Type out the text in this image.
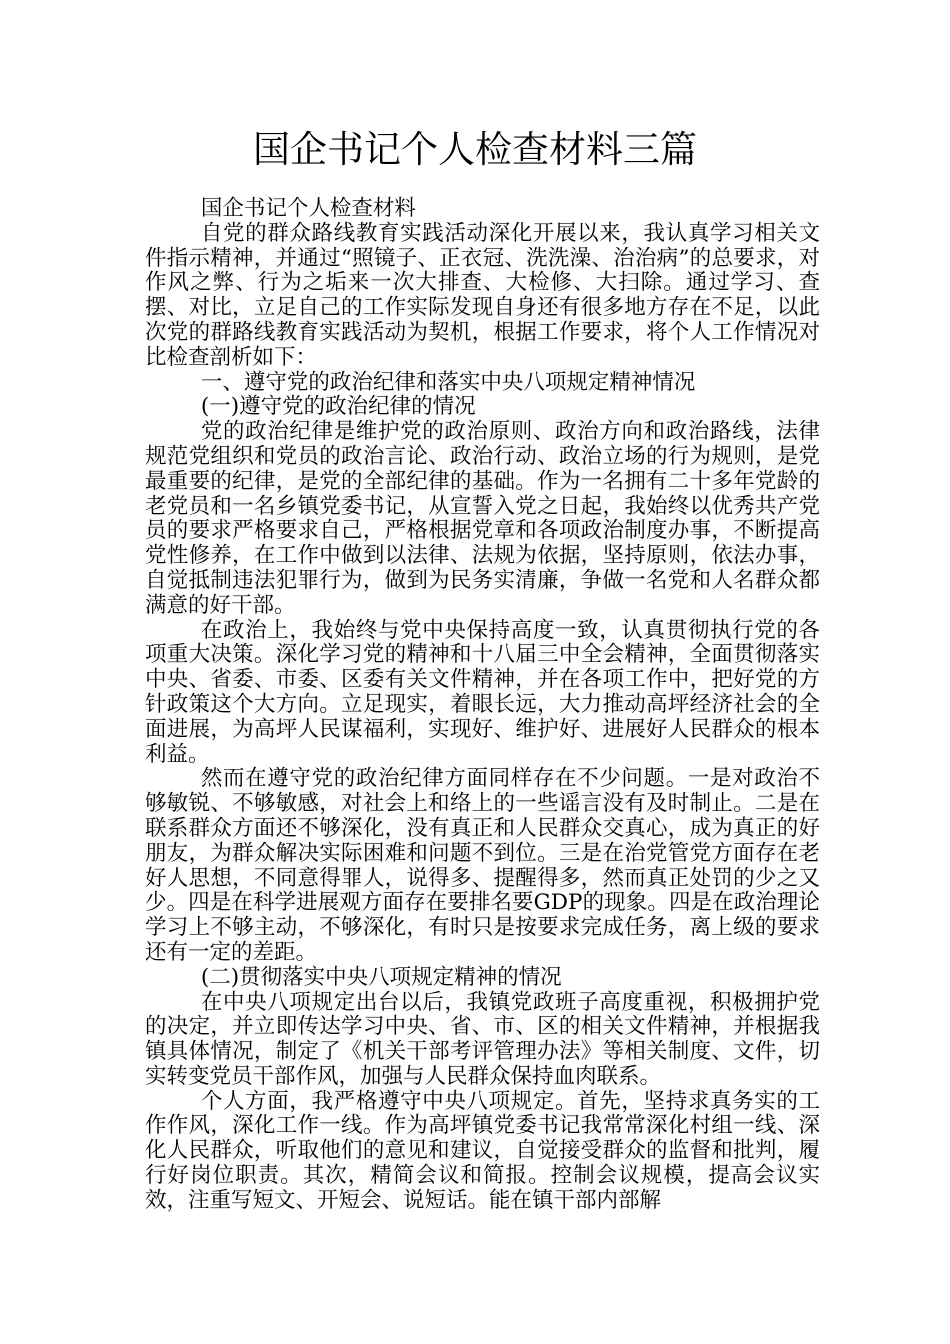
国企书记个人检查材料三篇

国企书记个人检查材料

自党的群众路线教育实践活动深化开展以来，我认真学习相关文件指示精神，并通过“照镜子、正衣冠、洗洗澡、治治病”的总要求，对作风之弊、行为之垢来一次大排查、大检修、大扫除。通过学习、查摆、对比，立足自己的工作实际发现自身还有很多地方存在不足，以此次党的群路线教育实践活动为契机，根据工作要求，将个人工作情况对比检查剖析如下：

一、遵守党的政治纪律和落实中央八项规定精神情况

(一)遵守党的政治纪律的情况

党的政治纪律是维护党的政治原则、政治方向和政治路线，法律规范党组织和党员的政治言论、政治行动、政治立场的行为规则，是党最重要的纪律，是党的全部纪律的基础。作为一名拥有二十多年党龄的老党员和一名乡镇党委书记，从宣誓入党之日起，我始终以优秀共产党员的要求严格要求自己，严格根据党章和各项政治制度办事，不断提高党性修养，在工作中做到以法律、法规为依据，坚持原则，依法办事，自觉抵制违法犯罪行为，做到为民务实清廉，争做一名党和人名群众都满意的好干部。

在政治上，我始终与党中央保持高度一致，认真贯彻执行党的各项重大决策。深化学习党的精神和十八届三中全会精神，全面贯彻落实中央、省委、市委、区委有关文件精神，并在各项工作中，把好党的方针政策这个大方向。立足现实，着眼长远，大力推动高坪经济社会的全面进展，为高坪人民谋福利，实现好、维护好、进展好人民群众的根本利益。

然而在遵守党的政治纪律方面同样存在不少问题。一是对政治不够敏锐、不够敏感，对社会上和络上的一些谣言没有及时制止。二是在联系群众方面还不够深化，没有真正和人民群众交真心，成为真正的好朋友，为群众解决实际困难和问题不到位。三是在治党管党方面存在老好人思想，不同意得罪人，说得多、提醒得多，然而真正处罚的少之又少。四是在科学进展观方面存在要排名要GDP的现象。四是在政治理论学习上不够主动，不够深化，有时只是按要求完成任务，离上级的要求还有一定的差距。

(二)贯彻落实中央八项规定精神的情况

在中央八项规定出台以后，我镇党政班子高度重视，积极拥护党的决定，并立即传达学习中央、省、市、区的相关文件精神，并根据我镇具体情况，制定了《机关干部考评管理办法》等相关制度、文件，切实转变党员干部作风，加强与人民群众保持血肉联系。

个人方面，我严格遵守中央八项规定。首先，坚持求真务实的工作作风，深化工作一线。作为高坪镇党委书记我常常深化村组一线、深化人民群众，听取他们的意见和建议，自觉接受群众的监督和批判，履行好岗位职责。其次，精简会议和简报。控制会议规模，提高会议实效，注重写短文、开短会、说短话。能在镇干部内部解
